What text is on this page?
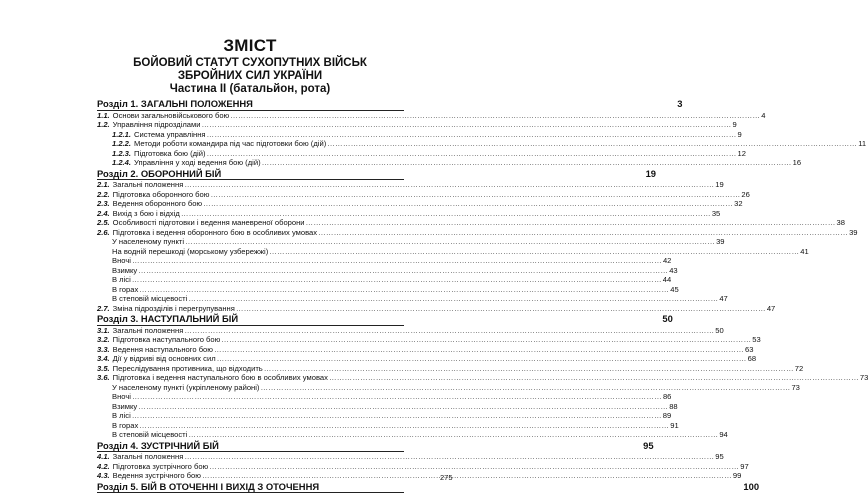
ЗМІСТ
БОЙОВИЙ СТАТУТ СУХОПУТНИХ ВІЙСЬК
ЗБРОЙНИХ СИЛ УКРАЇНИ
Частина ІІ (батальйон, рота)
Розділ 1. ЗАГАЛЬНІ ПОЛОЖЕННЯ _____	3
1.1. Основи загальновійськового бою ……………………………………………………………………………………………………………………………………………………………………………………	4
1.2. Управління підрозділами ……………………………………………………………………………………………………………………………………………………………………………………	9
1.2.1. Система управління ……………………………………………………………………………………………………………………………………………………………………………………	9
1.2.2. Методи роботи командира під час підготовки бою (дій) ……………………………………………………………………………………………………………………………………………………………………………………	11
1.2.3. Підготовка бою (дій) ……………………………………………………………………………………………………………………………………………………………………………………	12
1.2.4. Управління у ході ведення бою (дій) ……………………………………………………………………………………………………………………………………………………………………………………	16
Розділ 2. ОБОРОННИЙ БІЙ _____	19
2.1. Загальні положення ……………………………………………………………………………………………………………………………………………………………………………………	19
2.2. Підготовка оборонного бою ……………………………………………………………………………………………………………………………………………………………………………………	26
2.3. Ведення оборонного бою ……………………………………………………………………………………………………………………………………………………………………………………	32
2.4. Вихід з бою і відхід ……………………………………………………………………………………………………………………………………………………………………………………	35
2.5. Особливості підготовки і ведення маневреної оборони ……………………………………………………………………………………………………………………………………………………………………………………	38
2.6. Підготовка і ведення оборонного бою в особливих умовах ……………………………………………………………………………………………………………………………………………………………………………………	39
У населеному пункті ……………………………………………………………………………………………………………………………………………………………………………………	39
На водній перешкоді (морському узбережжі) ……………………………………………………………………………………………………………………………………………………………………………………	41
Вночі ……………………………………………………………………………………………………………………………………………………………………………………	42
Взимку ……………………………………………………………………………………………………………………………………………………………………………………	43
В лісі ……………………………………………………………………………………………………………………………………………………………………………………	44
В горах ……………………………………………………………………………………………………………………………………………………………………………………	45
В степовій місцевості ……………………………………………………………………………………………………………………………………………………………………………………	47
2.7. Зміна підрозділів і перегрупування ……………………………………………………………………………………………………………………………………………………………………………………	47
Розділ 3. НАСТУПАЛЬНИЙ БІЙ _____	50
3.1. Загальні положення ……………………………………………………………………………………………………………………………………………………………………………………	50
3.2. Підготовка наступального бою ……………………………………………………………………………………………………………………………………………………………………………………	53
3.3. Ведення наступального бою ……………………………………………………………………………………………………………………………………………………………………………………	63
3.4. Дії у відриві від основних сил ……………………………………………………………………………………………………………………………………………………………………………………	68
3.5. Переслідування противника, що відходить ……………………………………………………………………………………………………………………………………………………………………………………	72
3.6. Підготовка і ведення наступального бою в особливих умовах ……………………………………………………………………………………………………………………………………………………………………………………	73
У населеному пункті (укріпленому районі) ……………………………………………………………………………………………………………………………………………………………………………………	73
Вночі ……………………………………………………………………………………………………………………………………………………………………………………	86
Взимку ……………………………………………………………………………………………………………………………………………………………………………………	88
В лісі ……………………………………………………………………………………………………………………………………………………………………………………	89
В горах ……………………………………………………………………………………………………………………………………………………………………………………	91
В степовій місцевості ……………………………………………………………………………………………………………………………………………………………………………………	94
Розділ 4. ЗУСТРІЧНИЙ БІЙ _____	95
4.1. Загальні положення ……………………………………………………………………………………………………………………………………………………………………………………	95
4.2. Підготовка зустрічного бою ……………………………………………………………………………………………………………………………………………………………………………………	97
4.3. Ведення зустрічного бою ……………………………………………………………………………………………………………………………………………………………………………………	99
Розділ 5. БІЙ В ОТОЧЕННІ І ВИХІД З ОТОЧЕННЯ _____	100
275
